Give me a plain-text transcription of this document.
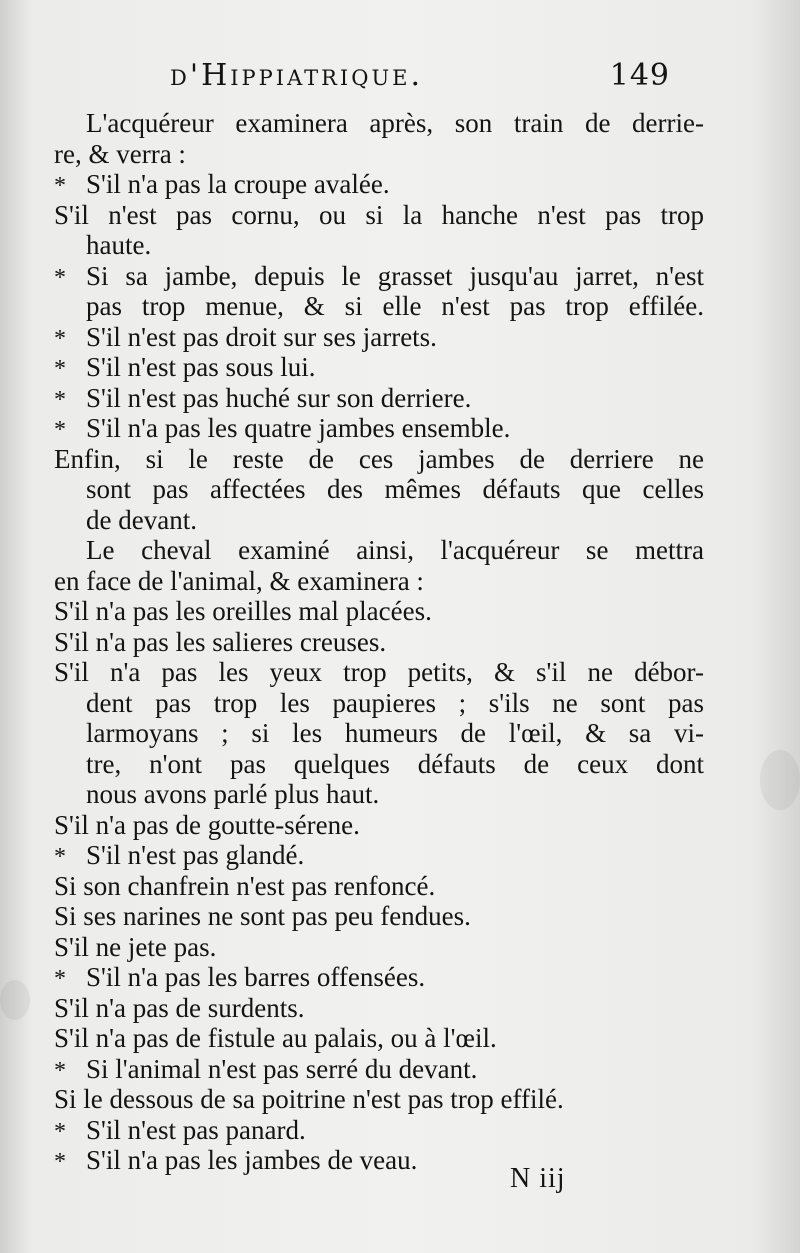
d'Hippiatrique.	149
L'acquéreur examinera après, son train de derrie-
re, & verra :
* S'il n'a pas la croupe avalée.
S'il n'est pas cornu, ou si la hanche n'est pas trop
haute.
* Si sa jambe, depuis le grasset jusqu'au jarret, n'est
pas trop menue, & si elle n'est pas trop effilée.
* S'il n'est pas droit sur ses jarrets.
* S'il n'est pas sous lui.
* S'il n'est pas huché sur son derriere.
* S'il n'a pas les quatre jambes ensemble.
Enfin, si le reste de ces jambes de derriere ne
sont pas affectées des mêmes défauts que celles
de devant.
Le cheval examiné ainsi, l'acquéreur se mettra
en face de l'animal, & examinera :
S'il n'a pas les oreilles mal placées.
S'il n'a pas les salieres creuses.
S'il n'a pas les yeux trop petits, & s'il ne débor-
dent pas trop les paupieres ; s'ils ne sont pas
larmoyans ; si les humeurs de l'œil, & sa vi-
tre, n'ont pas quelques défauts de ceux dont
nous avons parlé plus haut.
S'il n'a pas de goutte-sérene.
* S'il n'est pas glandé.
Si son chanfrein n'est pas renfoncé.
Si ses narines ne sont pas peu fendues.
S'il ne jete pas.
* S'il n'a pas les barres offensées.
S'il n'a pas de surdents.
S'il n'a pas de fistule au palais, ou à l'œil.
* Si l'animal n'est pas serré du devant.
Si le dessous de sa poitrine n'est pas trop effilé.
* S'il n'est pas panard.
* S'il n'a pas les jambes de veau.
N iij
